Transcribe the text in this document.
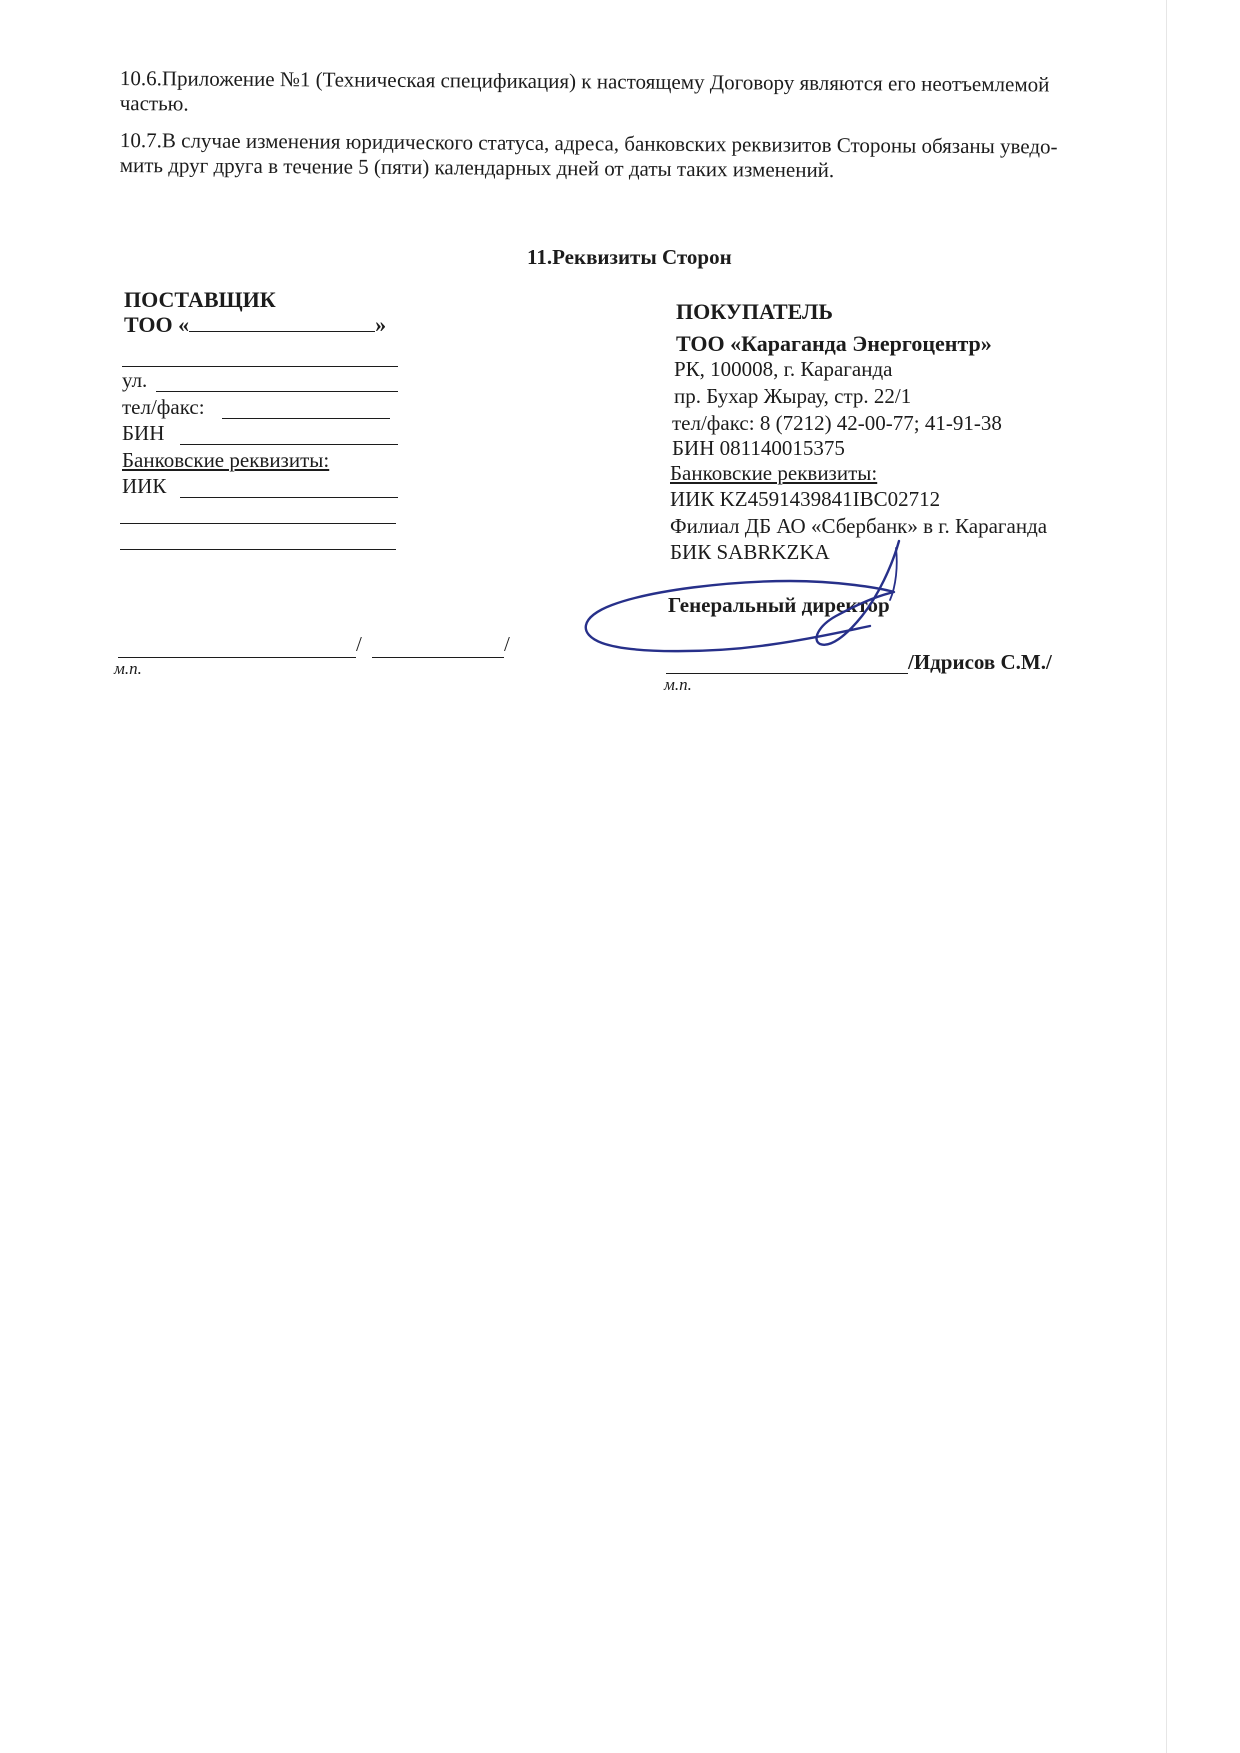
10.6.Приложение №1 (Техническая спецификация) к настоящему Договору являются его неотъемлемой
частью.

10.7.В случае изменения юридического статуса, адреса, банковских реквизитов Стороны обязаны уведо-
мить друг друга в течение 5 (пяти) календарных дней от даты таких изменений.

11.Реквизиты Сторон
ПОСТАВЩИК
ТОО «	»
ул.
тел/факс:
БИН
Банковские реквизиты:
ИИК
/	/
м.п.
ПОКУПАТЕЛЬ
ТОО «Караганда Энергоцентр»
РК, 100008, г. Караганда
пр. Бухар Жырау, стр. 22/1
тел/факс: 8 (7212) 42-00-77; 41-91-38
БИН 081140015375
Банковские реквизиты:
ИИК KZ4591439841IBC02712
Филиал ДБ АО «Сбербанк» в г. Караганда
БИК SABRKZKA
Генеральный директор
/Идрисов С.М./
м.п.
